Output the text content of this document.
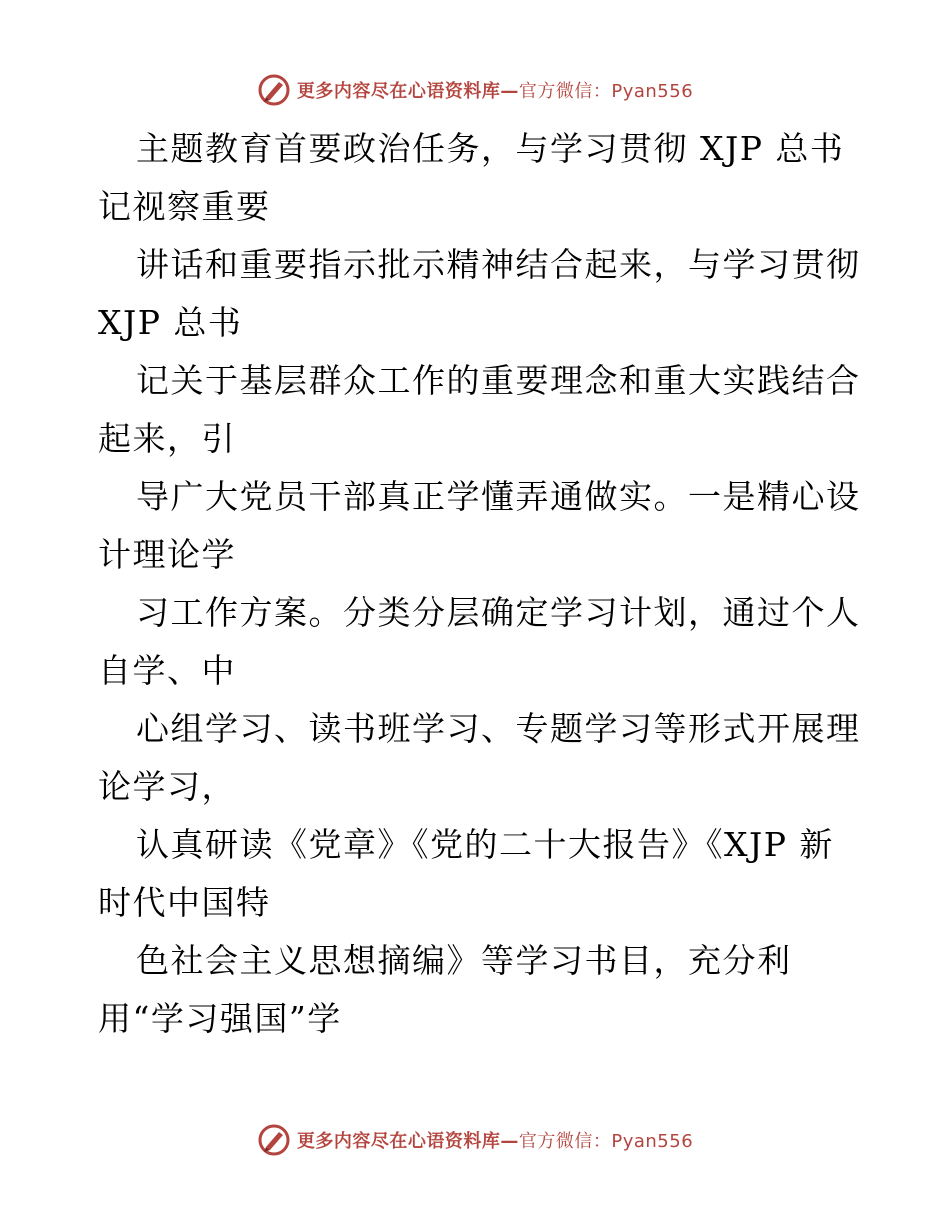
更多内容尽在心语资料库—官方微信：Pyan556
主题教育首要政治任务，与学习贯彻 XJP 总书
记视察重要
讲话和重要指示批示精神结合起来，与学习贯彻
XJP 总书
记关于基层群众工作的重要理念和重大实践结合
起来，引
导广大党员干部真正学懂弄通做实。一是精心设
计理论学
习工作方案。分类分层确定学习计划，通过个人
自学、中
心组学习、读书班学习、专题学习等形式开展理
论学习，
认真研读《党章》《党的二十大报告》《XJP 新
时代中国特
色社会主义思想摘编》等学习书目，充分利
用“学习强国”学
更多内容尽在心语资料库—官方微信：Pyan556
